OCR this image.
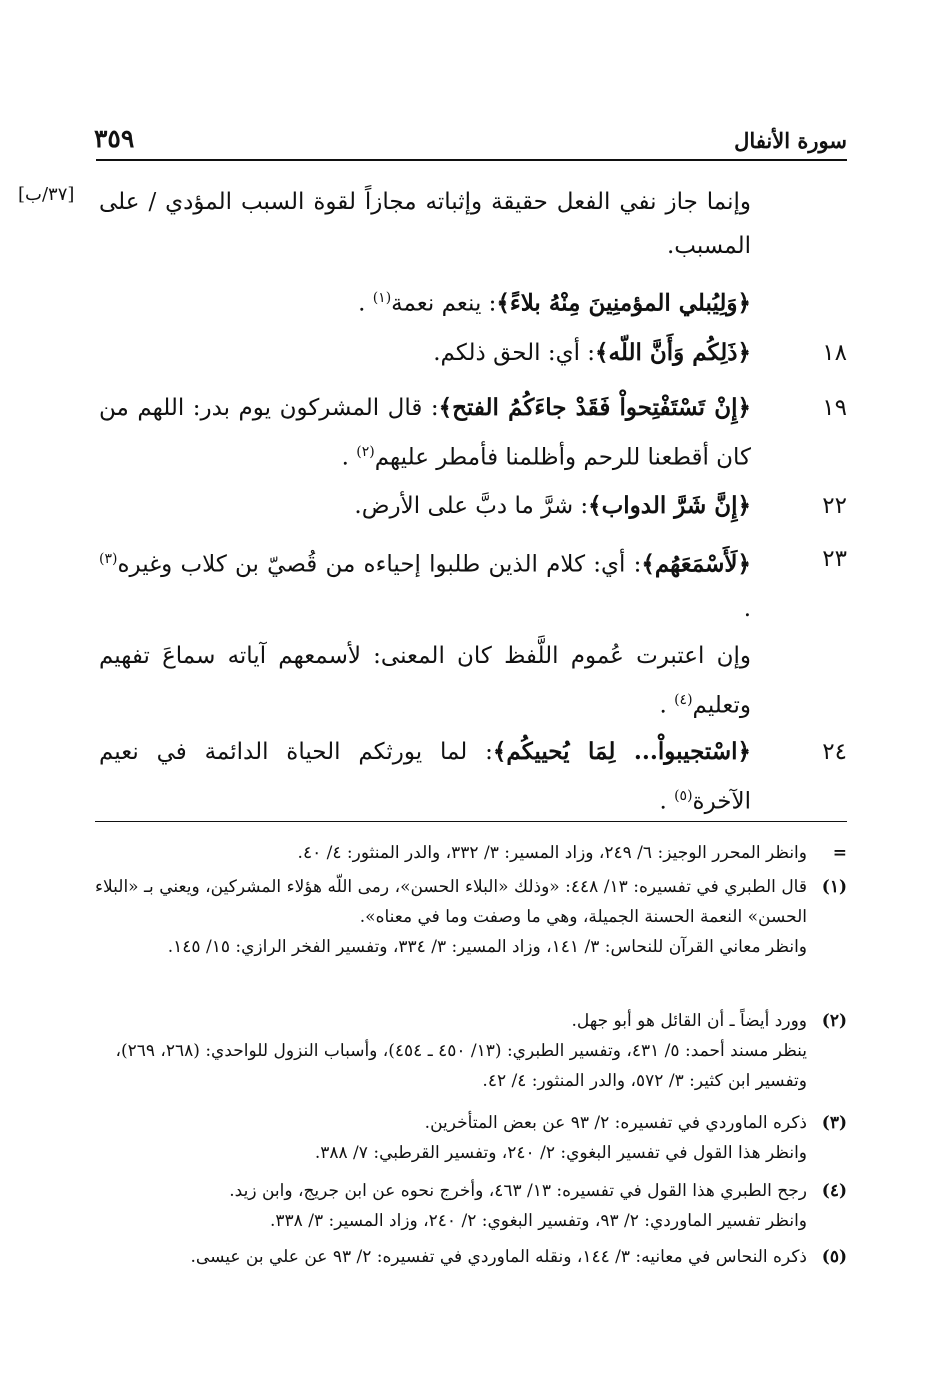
سورة الأنفال
٣٥٩
[٣٧/ب] وإنما جاز نفي الفعل حقيقة وإثباته مجازاً لقوة السبب المؤدي / على المسبب.
﴿وَلِيُبلي المؤمنِينَ مِنْهُ بلاءً﴾: ينعم نعمة$^{(١)}$ .
١٨
﴿ذَلِكُم وَأَنَّ اللّه﴾: أي: الحق ذلكم.
١٩
﴿إِنْ تَسْتَفْتِحواْ فَقَدْ جاءَكُمُ الفتح﴾: قال المشركون يوم بدر: اللهم من كان أقطعنا للرحم وأظلمنا فأمطر عليهم$^{(٢)}$ .
٢٢
﴿إِنَّ شَرَّ الدواب﴾: شرَّ ما دبَّ على الأرض.
٢٣
﴿لَأَسْمَعَهُم﴾: أي: كلام الذين طلبوا إحياءه من قُصيّ بن كلاب وغيره$^{(٣)}$ .
وإن اعتبرت عُموم اللَّفظ كان المعنى: لأسمعهم آياته سماعَ تفهيم وتعليم$^{(٤)}$ .
٢٤
﴿اسْتجيبواْ... لِمَا يُحييكُم﴾: لما يورثكم الحياة الدائمة في نعيم الآخرة$^{(٥)}$ .
=
وانظر المحرر الوجيز: ٦/ ٢٤٩، وزاد المسير: ٣/ ٣٣٢، والدر المنثور: ٤/ ٤٠.
(١)
قال الطبري في تفسيره: ١٣/ ٤٤٨: «وذلك «البلاء الحسن»، رمى اللّه هؤلاء المشركين، ويعني بـ «البلاء الحسن» النعمة الحسنة الجميلة، وهي ما وصفت وما في معناه».
وانظر معاني القرآن للنحاس: ٣/ ١٤١، وزاد المسير: ٣/ ٣٣٤، وتفسير الفخر الرازي: ١٥/ ١٤٥.
(٢)
وورد أيضاً ـ أن القائل هو أبو جهل.
ينظر مسند أحمد: ٥/ ٤٣١، وتفسير الطبري: (١٣/ ٤٥٠ ـ ٤٥٤)، وأسباب النزول للواحدي: (٢٦٨، ٢٦٩)، وتفسير ابن كثير: ٣/ ٥٧٢، والدر المنثور: ٤/ ٤٢.
(٣)
ذكره الماوردي في تفسيره: ٢/ ٩٣ عن بعض المتأخرين.
وانظر هذا القول في تفسير البغوي: ٢/ ٢٤٠، وتفسير القرطبي: ٧/ ٣٨٨.
(٤)
رجح الطبري هذا القول في تفسيره: ١٣/ ٤٦٣، وأخرج نحوه عن ابن جريج، وابن زيد.
وانظر تفسير الماوردي: ٢/ ٩٣، وتفسير البغوي: ٢/ ٢٤٠، وزاد المسير: ٣/ ٣٣٨.
(٥)
ذكره النحاس في معانيه: ٣/ ١٤٤، ونقله الماوردي في تفسيره: ٢/ ٩٣ عن علي بن عيسى.
